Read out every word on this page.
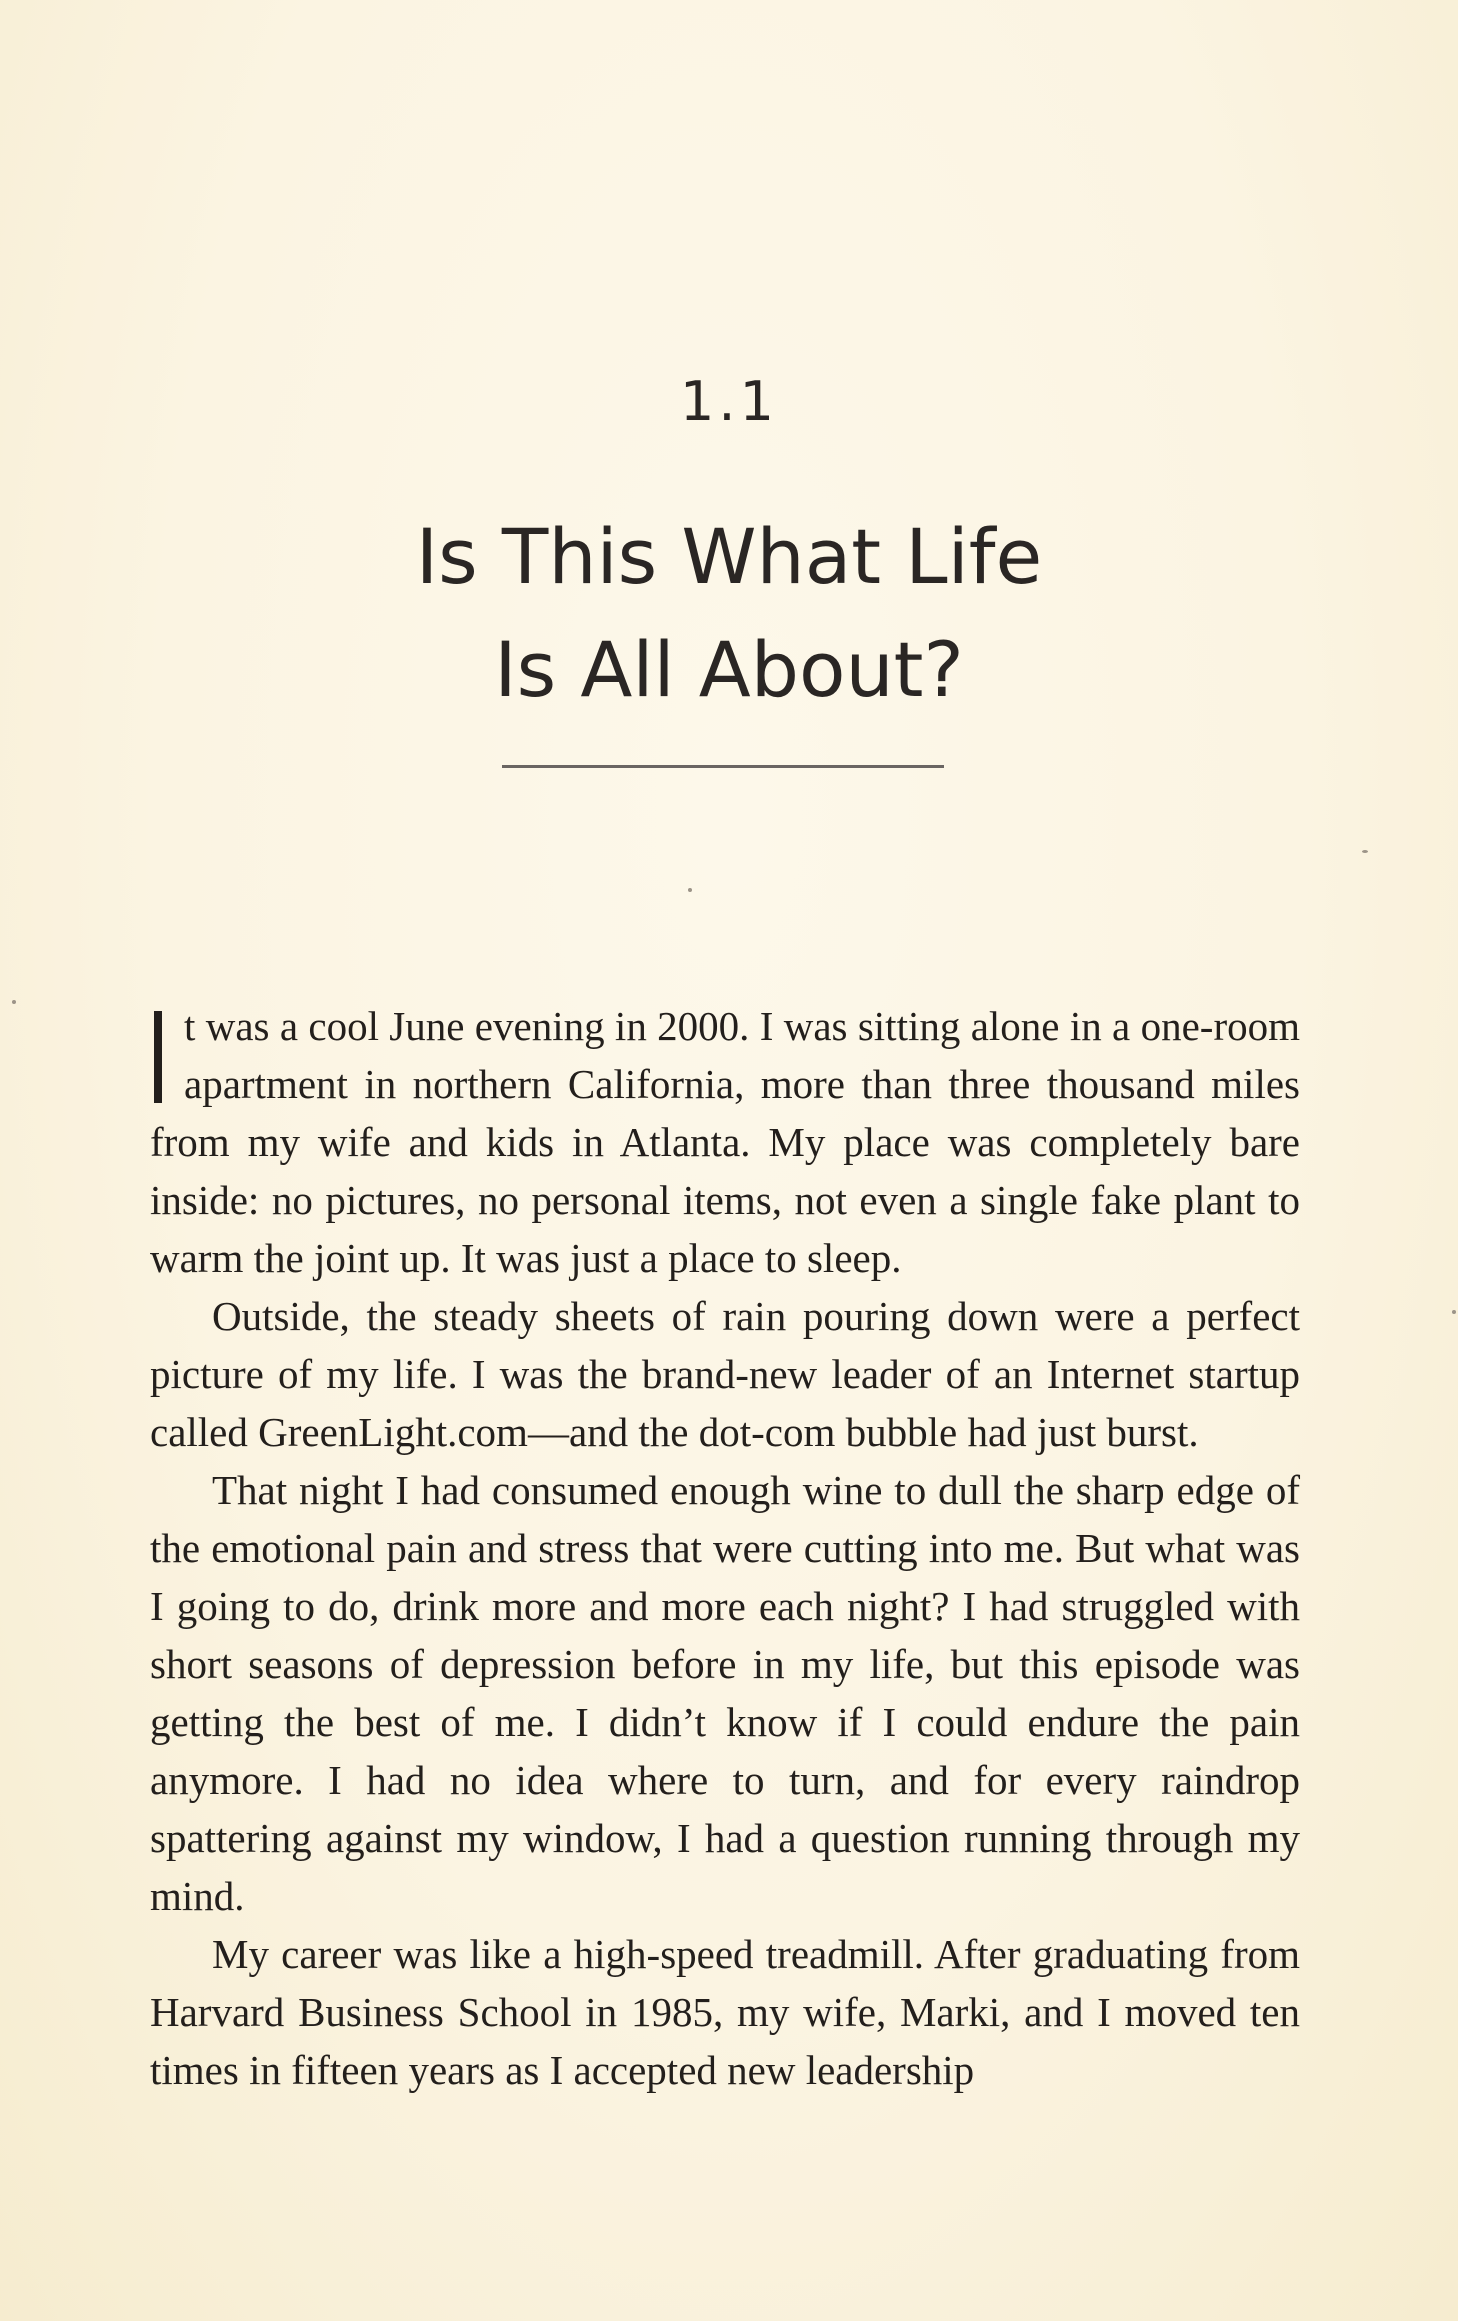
1.1
Is This What Life
Is All About?

t was a cool June evening in 2000. I was sitting alone in a one-room apartment in northern California, more than three thousand miles from my wife and kids in Atlanta. My place was completely bare inside: no pictures, no personal items, not even a single fake plant to warm the joint up. It was just a place to sleep.

Outside, the steady sheets of rain pouring down were a perfect picture of my life. I was the brand-new leader of an Internet startup called GreenLight.com—and the dot-com bubble had just burst.

That night I had consumed enough wine to dull the sharp edge of the emotional pain and stress that were cutting into me. But what was I going to do, drink more and more each night? I had struggled with short seasons of depression before in my life, but this episode was getting the best of me. I didn’t know if I could endure the pain anymore. I had no idea where to turn, and for every raindrop spattering against my window, I had a question running through my mind.

My career was like a high-speed treadmill. After graduating from Harvard Business School in 1985, my wife, Marki, and I moved ten times in fifteen years as I accepted new leadership
